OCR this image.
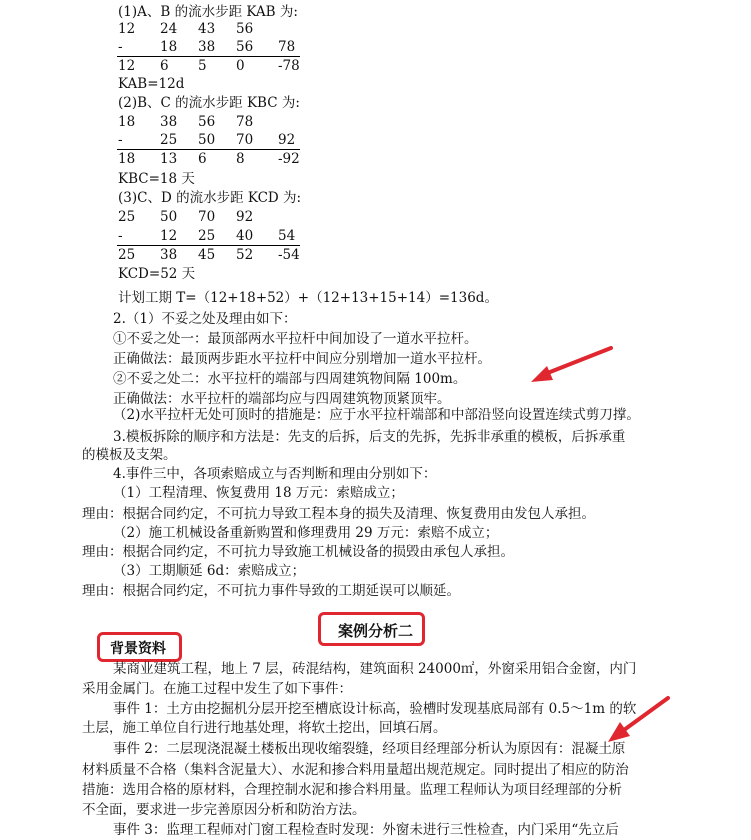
(1)A、B 的流水步距 KAB 为:
12 24 43 56
-	18 38 56 78
12 6 5 0 -78
KAB=12d
(2)B、C 的流水步距 KBC 为:
18 38 56 78
-	25 50 70 92
18 13 6 8 -92
KBC=18 天
(3)C、D 的流水步距 KCD 为:
25 50 70 92
-	12 25 40 54
25 38 45 52 -54
KCD=52 天
计划工期 T=（12+18+52）+（12+13+15+14）=136d。
2.（1）不妥之处及理由如下：
①不妥之处一：最顶部两水平拉杆中间加设了一道水平拉杆。
正确做法：最顶两步距水平拉杆中间应分别增加一道水平拉杆。
②不妥之处二：水平拉杆的端部与四周建筑物间隔 100m。
正确做法：水平拉杆的端部均应与四周建筑物顶紧顶牢。
（2)水平拉杆无处可顶时的措施是：应于水平拉杆端部和中部沿竖向设置连续式剪刀撑。
3.模板拆除的顺序和方法是：先支的后拆，后支的先拆，先拆非承重的模板，后拆承重
的模板及支架。
4.事件三中，各项索赔成立与否判断和理由分别如下：
（1）工程清理、恢复费用 18 万元：索赔成立；
理由：根据合同约定，不可抗力导致工程本身的损失及清理、恢复费用由发包人承担。
（2）施工机械设备重新购置和修理费用 29 万元：索赔不成立；
理由：根据合同约定，不可抗力导致施工机械设备的损毁由承包人承担。
（3）工期顺延 6d：索赔成立；
理由：根据合同约定，不可抗力事件导致的工期延误可以顺延。
案例分析二
背景资料
某商业建筑工程，地上 7 层，砖混结构，建筑面积 24000㎡，外窗采用铝合金窗，内门
采用金属门。在施工过程中发生了如下事件：
事件 1：土方由挖掘机分层开挖至槽底设计标高，验槽时发现基底局部有 0.5～1m 的软
土层，施工单位自行进行地基处理，将软土挖出，回填石屑。
事件 2：二层现浇混凝土楼板出现收缩裂缝，经项目经理部分析认为原因有：混凝土原
材料质量不合格（集料含泥量大）、水泥和掺合料用量超出规范规定。同时提出了相应的防治
措施：选用合格的原材料，合理控制水泥和掺合料用量。监理工程师认为项目经理部的分析
不全面，要求进一步完善原因分析和防治方法。
事件 3：监理工程师对门窗工程检查时发现：外窗未进行三性检查，内门采用“先立后
